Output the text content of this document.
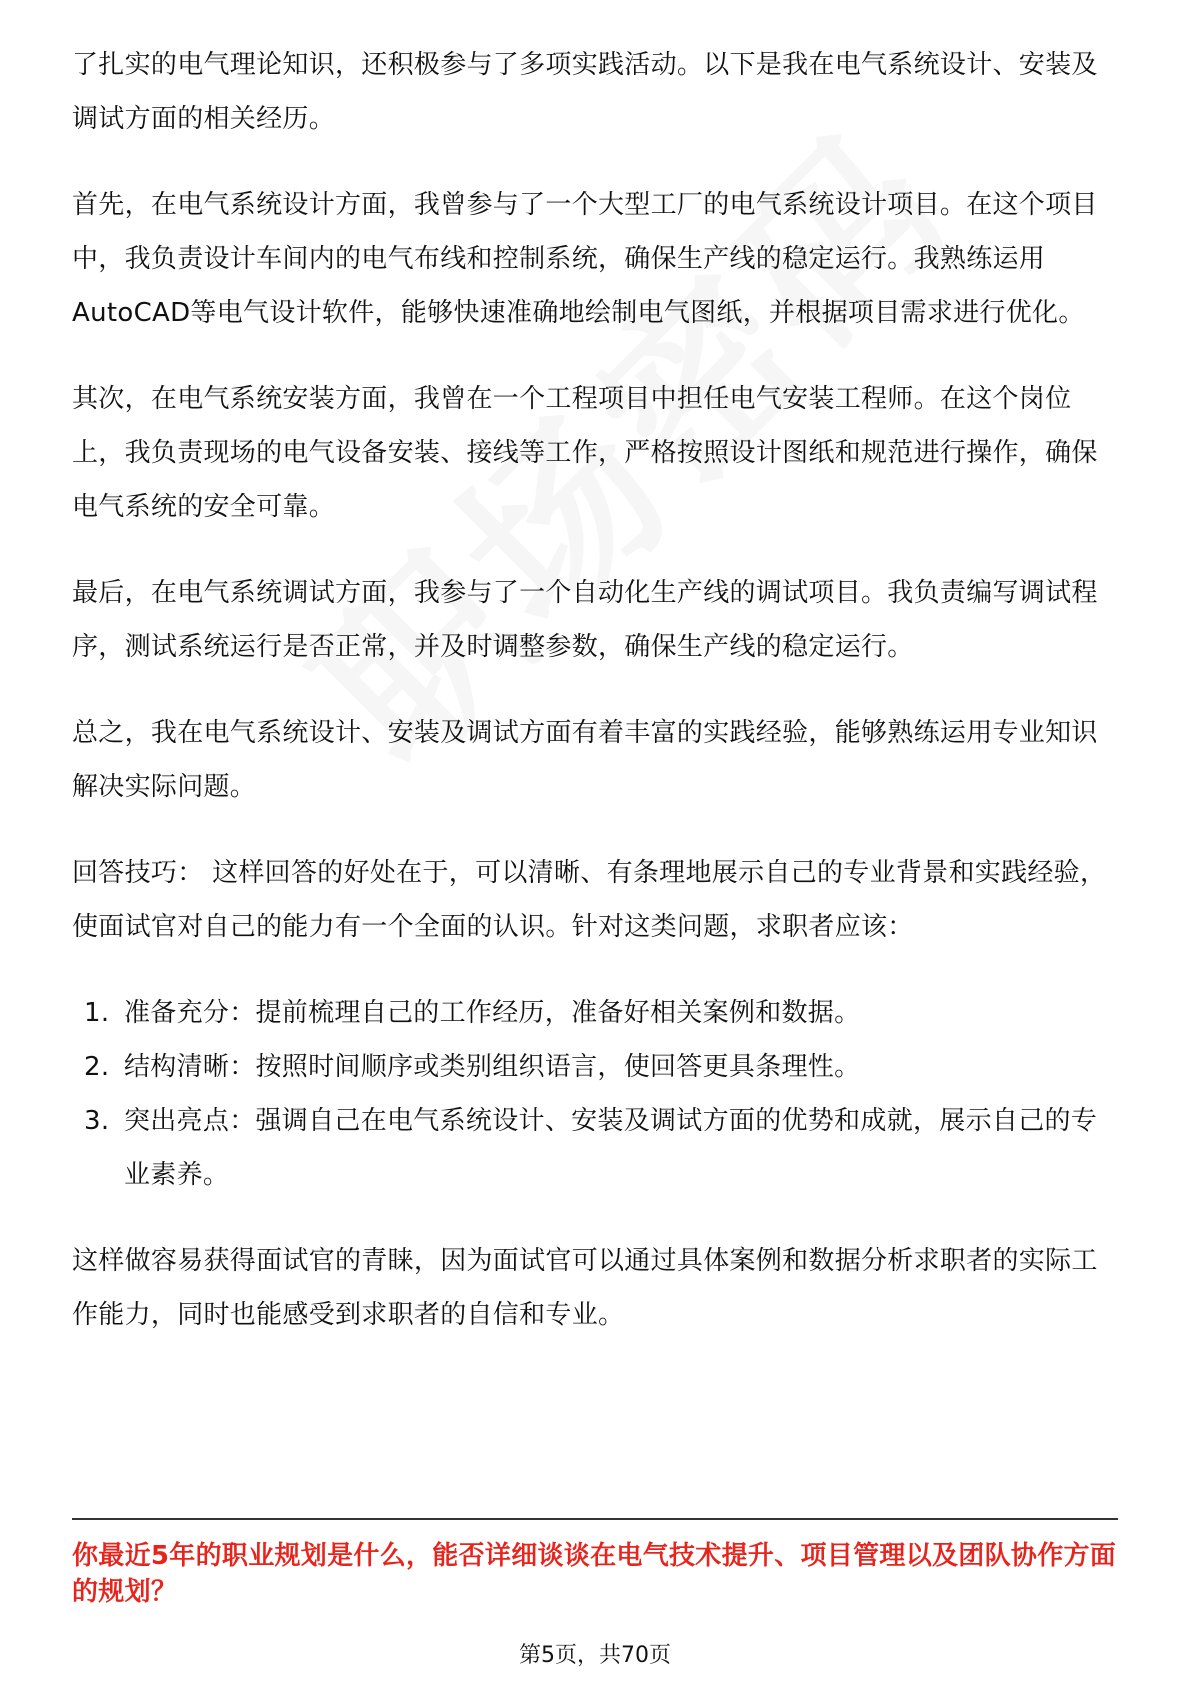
了扎实的电气理论知识，还积极参与了多项实践活动。以下是我在电气系统设计、安装及调试方面的相关经历。

首先，在电气系统设计方面，我曾参与了一个大型工厂的电气系统设计项目。在这个项目中，我负责设计车间内的电气布线和控制系统，确保生产线的稳定运行。我熟练运用AutoCAD等电气设计软件，能够快速准确地绘制电气图纸，并根据项目需求进行优化。

其次，在电气系统安装方面，我曾在一个工程项目中担任电气安装工程师。在这个岗位上，我负责现场的电气设备安装、接线等工作，严格按照设计图纸和规范进行操作，确保电气系统的安全可靠。

最后，在电气系统调试方面，我参与了一个自动化生产线的调试项目。我负责编写调试程序，测试系统运行是否正常，并及时调整参数，确保生产线的稳定运行。

总之，我在电气系统设计、安装及调试方面有着丰富的实践经验，能够熟练运用专业知识解决实际问题。

回答技巧： 这样回答的好处在于，可以清晰、有条理地展示自己的专业背景和实践经验，使面试官对自己的能力有一个全面的认识。针对这类问题，求职者应该：

1. 准备充分：提前梳理自己的工作经历，准备好相关案例和数据。
2. 结构清晰：按照时间顺序或类别组织语言，使回答更具条理性。
3. 突出亮点：强调自己在电气系统设计、安装及调试方面的优势和成就，展示自己的专业素养。

这样做容易获得面试官的青睐，因为面试官可以通过具体案例和数据分析求职者的实际工作能力，同时也能感受到求职者的自信和专业。

你最近5年的职业规划是什么，能否详细谈谈在电气技术提升、项目管理以及团队协作方面的规划？
第5页，共70页
